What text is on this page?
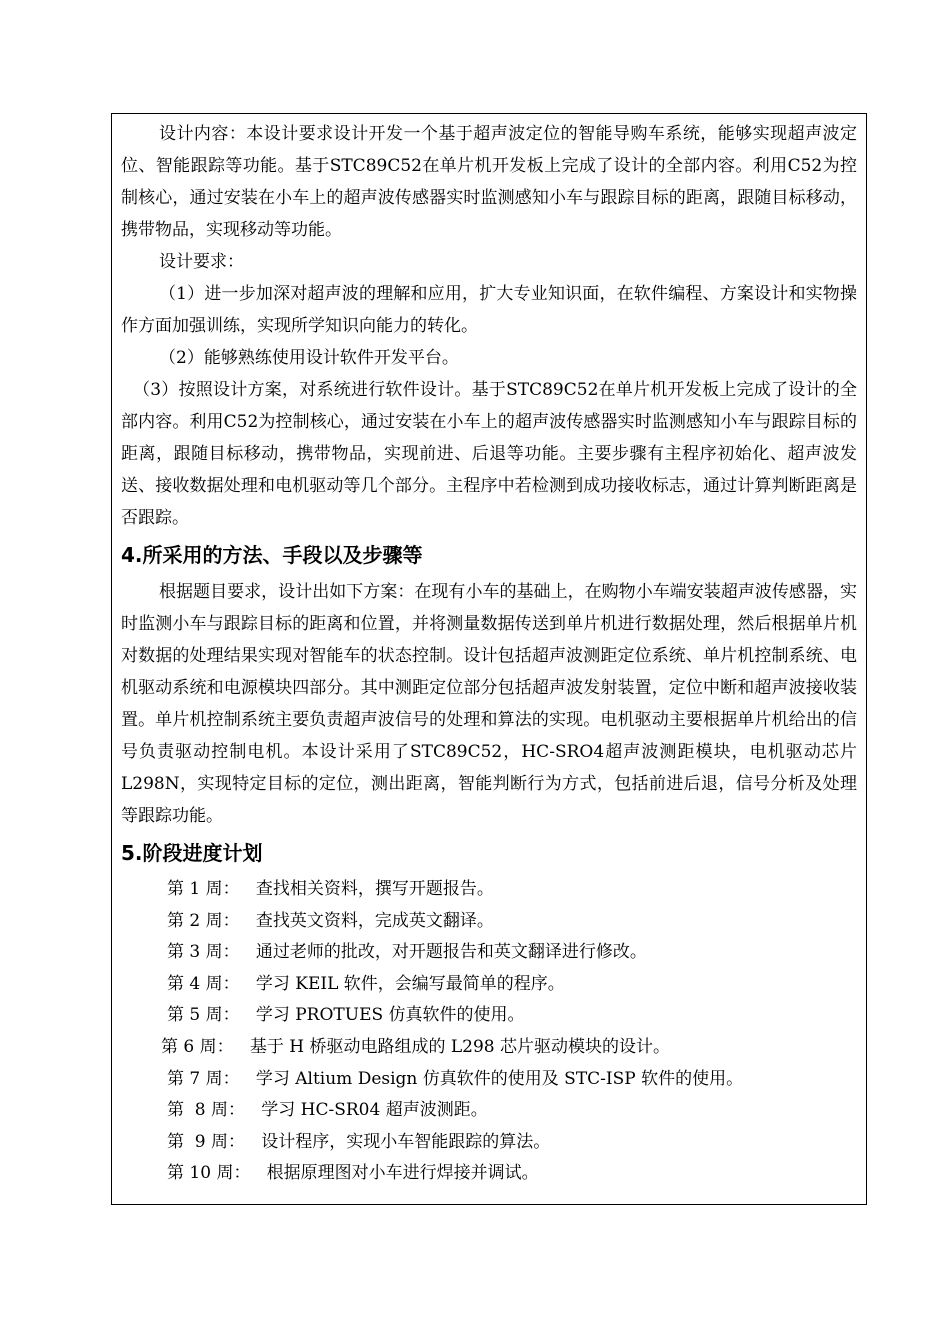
设计内容：本设计要求设计开发一个基于超声波定位的智能导购车系统，能够实现超声波定位、智能跟踪等功能。基于STC89C52在单片机开发板上完成了设计的全部内容。利用C52为控制核心，通过安装在小车上的超声波传感器实时监测感知小车与跟踪目标的距离，跟随目标移动，携带物品，实现移动等功能。

设计要求：

（1）进一步加深对超声波的理解和应用，扩大专业知识面，在软件编程、方案设计和实物操作方面加强训练，实现所学知识向能力的转化。

（2）能够熟练使用设计软件开发平台。

（3）按照设计方案，对系统进行软件设计。基于STC89C52在单片机开发板上完成了设计的全部内容。利用C52为控制核心，通过安装在小车上的超声波传感器实时监测感知小车与跟踪目标的距离，跟随目标移动，携带物品，实现前进、后退等功能。主要步骤有主程序初始化、超声波发送、接收数据处理和电机驱动等几个部分。主程序中若检测到成功接收标志，通过计算判断距离是否跟踪。

4.所采用的方法、手段以及步骤等

根据题目要求，设计出如下方案：在现有小车的基础上，在购物小车端安装超声波传感器，实时监测小车与跟踪目标的距离和位置，并将测量数据传送到单片机进行数据处理，然后根据单片机对数据的处理结果实现对智能车的状态控制。设计包括超声波测距定位系统、单片机控制系统、电机驱动系统和电源模块四部分。其中测距定位部分包括超声波发射装置，定位中断和超声波接收装置。单片机控制系统主要负责超声波信号的处理和算法的实现。电机驱动主要根据单片机给出的信号负责驱动控制电机。本设计采用了STC89C52，HC-SRO4超声波测距模块，电机驱动芯片L298N，实现特定目标的定位，测出距离，智能判断行为方式，包括前进后退，信号分析及处理等跟踪功能。

5.阶段进度计划
第 1 周：   查找相关资料，撰写开题报告。
第 2 周：   查找英文资料，完成英文翻译。
第 3 周：   通过老师的批改，对开题报告和英文翻译进行修改。
第 4 周：   学习 KEIL 软件，会编写最简单的程序。
第 5 周：   学习 PROTUES 仿真软件的使用。
第 6 周：   基于 H 桥驱动电路组成的 L298 芯片驱动模块的设计。
第 7 周：   学习 Altium Design 仿真软件的使用及 STC-ISP 软件的使用。
第  8 周：   学习 HC-SR04 超声波测距。
第  9 周：   设计程序，实现小车智能跟踪的算法。
第 10 周：   根据原理图对小车进行焊接并调试。
